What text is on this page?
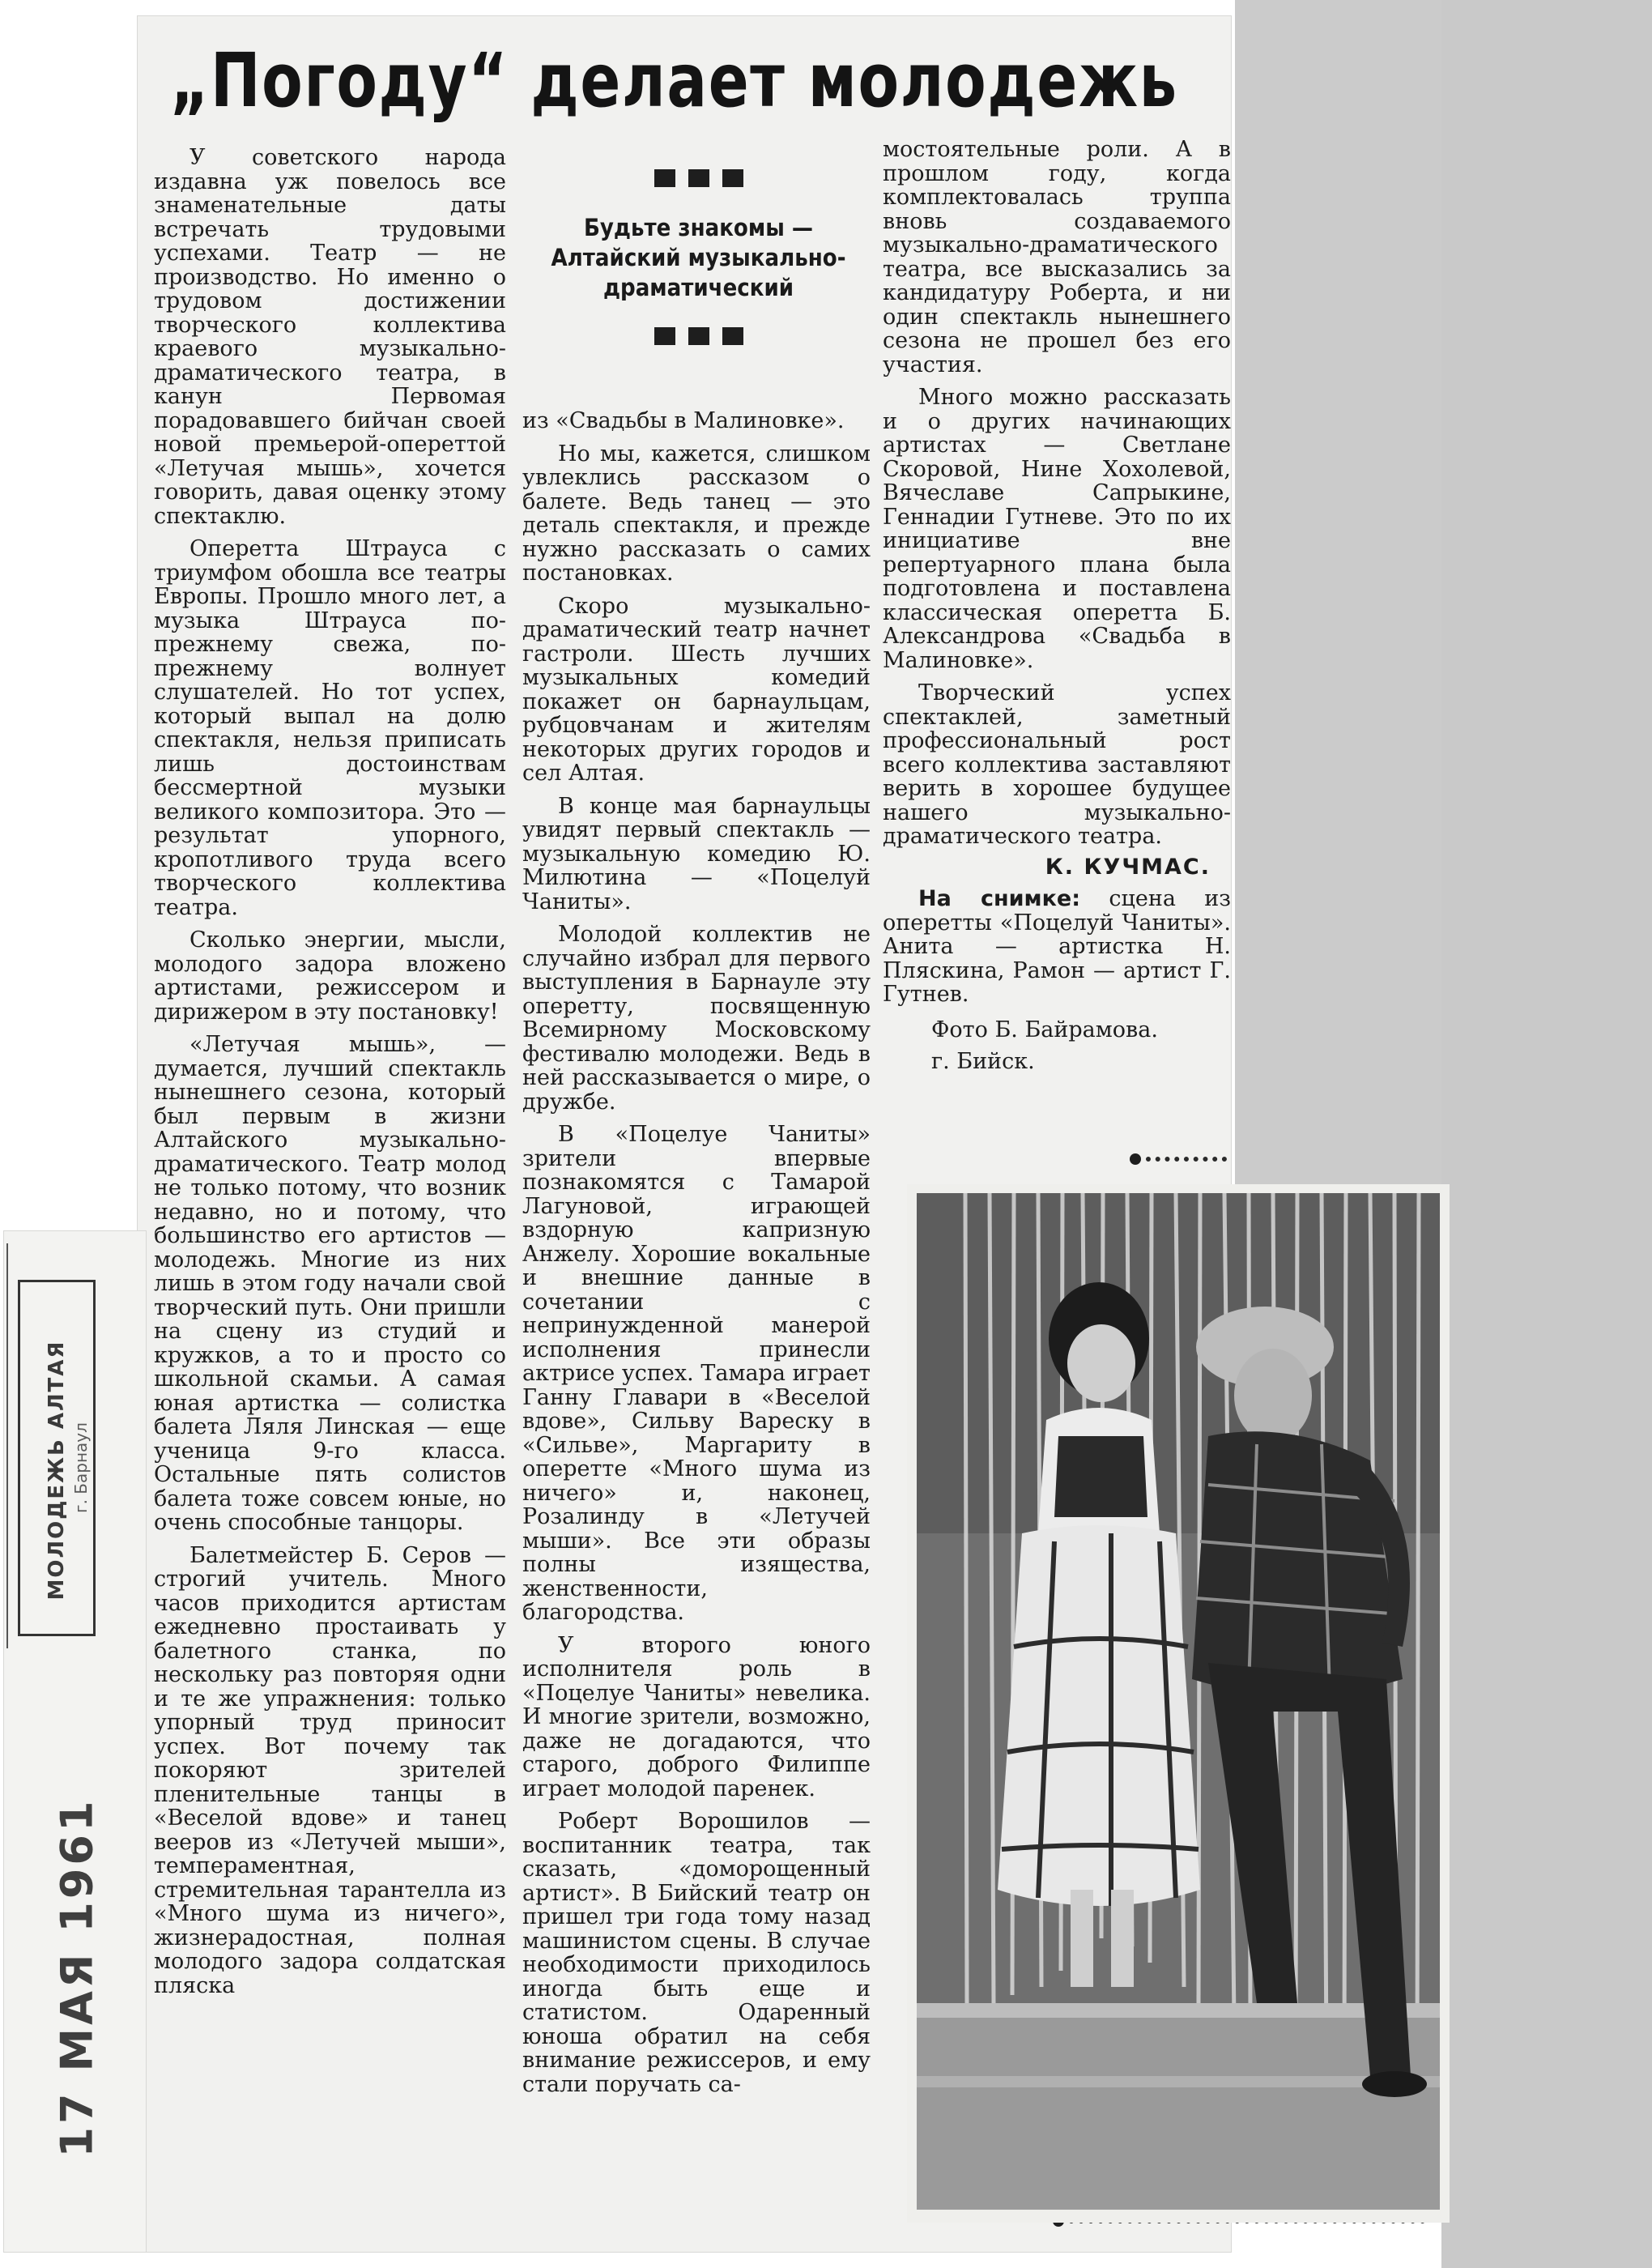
„Погоду“ делает молодежь

У советского народа издавна уж повелось все знаменательные даты встречать трудовыми успехами. Театр — не производство. Но именно о трудовом достижении творческого коллектива краевого музыкально-драматического театра, в канун Первомая порадовавшего бийчан своей новой премьерой-опереттой «Летучая мышь», хочется говорить, давая оценку этому спектаклю.

Оперетта Штрауса с триумфом обошла все театры Европы. Прошло много лет, а музыка Штрауса по-прежнему свежа, по-прежнему волнует слушателей. Но тот успех, который выпал на долю спектакля, нельзя приписать лишь достоинствам бессмертной музыки великого композитора. Это — результат упорного, кропотливого труда всего творческого коллектива театра.

Сколько энергии, мысли, молодого задора вложено артистами, режиссером и дирижером в эту постановку!

«Летучая мышь», — думается, лучший спектакль нынешнего сезона, который был первым в жизни Алтайского музыкально-драматического. Театр молод не только потому, что возник недавно, но и потому, что большинство его артистов — молодежь. Многие из них лишь в этом году начали свой творческий путь. Они пришли на сцену из студий и кружков, а то и просто со школьной скамьи. А самая юная артистка — солистка балета Ляля Линская — еще ученица 9-го класса. Остальные пять солистов балета тоже совсем юные, но очень способные танцоры.

Балетмейстер Б. Серов — строгий учитель. Много часов приходится артистам ежедневно простаивать у балетного станка, по нескольку раз повторяя одни и те же упражнения: только упорный труд приносит успех. Вот почему так покоряют зрителей пленительные танцы в «Веселой вдове» и танец вееров из «Летучей мыши», темпераментная, стремительная тарантелла из «Много шума из ничего», жизнерадостная, полная молодого задора солдатская пляска

Будьте знакомы — Алтайский музыкально-драматический

из «Свадьбы в Малиновке».

Но мы, кажется, слишком увлеклись рассказом о балете. Ведь танец — это деталь спектакля, и прежде нужно рассказать о самих постановках.

Скоро музыкально-драматический театр начнет гастроли. Шесть лучших музыкальных комедий покажет он барнаульцам, рубцовчанам и жителям некоторых других городов и сел Алтая.

В конце мая барнаульцы увидят первый спектакль — музыкальную комедию Ю. Милютина — «Поцелуй Чаниты».

Молодой коллектив не случайно избрал для первого выступления в Барнауле эту оперетту, посвященную Всемирному Московскому фестивалю молодежи. Ведь в ней рассказывается о мире, о дружбе.

В «Поцелуе Чаниты» зрители впервые познакомятся с Тамарой Лагуновой, играющей вздорную капризную Анжелу. Хорошие вокальные и внешние данные в сочетании с непринужденной манерой исполнения принесли актрисе успех. Тамара играет Ганну Главари в «Веселой вдове», Сильву Вареску в «Сильве», Маргариту в оперетте «Много шума из ничего» и, наконец, Розалинду в «Летучей мыши». Все эти образы полны изящества, женственности, благородства.

У второго юного исполнителя роль в «Поцелуе Чаниты» невелика. И многие зрители, возможно, даже не догадаются, что старого, доброго Филиппе играет молодой паренек.

Роберт Ворошилов — воспитанник театра, так сказать, «доморощенный артист». В Бийский театр он пришел три года тому назад машинистом сцены. В случае необходимости приходилось иногда быть еще и статистом. Одаренный юноша обратил на себя внимание режиссеров, и ему стали поручать са-

мостоятельные роли. А в прошлом году, когда комплектовалась труппа вновь создаваемого музыкально-драматического театра, все высказались за кандидатуру Роберта, и ни один спектакль нынешнего сезона не прошел без его участия.

Много можно рассказать и о других начинающих артистах — Светлане Скоровой, Нине Хохолевой, Вячеславе Сапрыкине, Геннадии Гутневе. Это по их инициативе вне репертуарного плана была подготовлена и поставлена классическая оперетта Б. Александрова «Свадьба в Малиновке».

Творческий успех спектаклей, заметный профессиональный рост всего коллектива заставляют верить в хорошее будущее нашего музыкально-драматического театра.

К. КУЧМАС.

На снимке: сцена из оперетты «Поцелуй Чаниты». Анита — артистка Н. Пляскина, Рамон — артист Г. Гутнев.

Фото Б. Байрамова.

г. Бийск.

МОЛОДЕЖЬ АЛТАЯ г. Барнаул

17 МАЯ 1961
